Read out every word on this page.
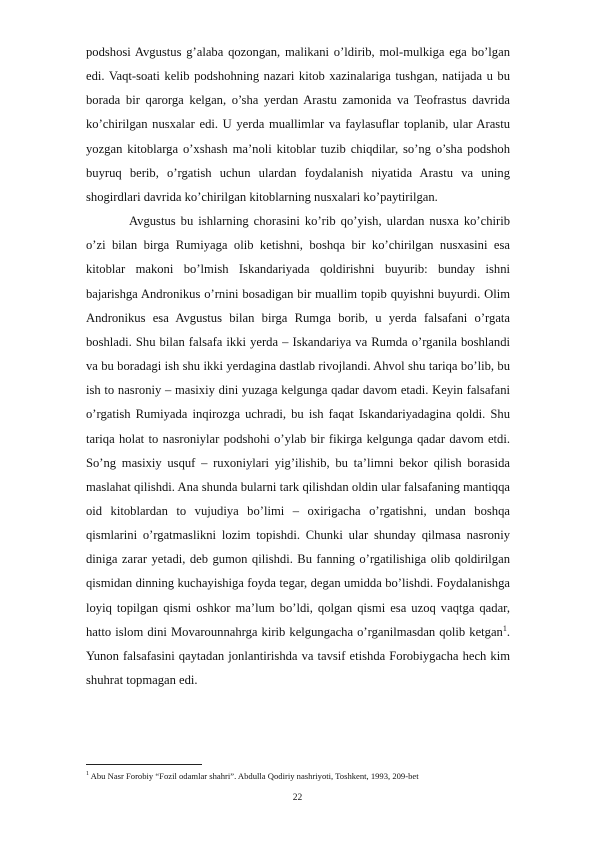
podshosi Avgustus g’alaba qozongan, malikani o’ldirib, mol-mulkiga ega bo’lgan edi. Vaqt-soati kelib podshohning nazari kitob xazinalariga tushgan, natijada u bu borada bir qarorga kelgan, o’sha yerdan Arastu zamonida va Teofrastus davrida ko’chirilgan nusxalar edi. U yerda muallimlar va faylasuflar toplanib, ular Arastu yozgan kitoblarga o’xshash ma’noli kitoblar tuzib chiqdilar, so’ng o’sha podshoh buyruq berib, o’rgatish uchun ulardan foydalanish niyatida Arastu va uning shogirdlari davrida ko’chirilgan kitoblarning nusxalari ko’paytirilgan.

Avgustus bu ishlarning chorasini ko’rib qo’yish, ulardan nusxa ko’chirib o’zi bilan birga Rumiyaga olib ketishni, boshqa bir ko’chirilgan nusxasini esa kitoblar makoni bo’lmish Iskandariyada qoldirishni buyurib: bunday ishni bajarishga Andronikus o’rnini bosadigan bir muallim topib quyishni buyurdi. Olim Andronikus esa Avgustus bilan birga Rumga borib, u yerda falsafani o’rgata boshladi. Shu bilan falsafa ikki yerda – Iskandariya va Rumda o’rganila boshlandi va bu boradagi ish shu ikki yerdagina dastlab rivojlandi. Ahvol shu tariqa bo’lib, bu ish to nasroniy – masixiy dini yuzaga kelgunga qadar davom etadi. Keyin falsafani o’rgatish Rumiyada inqirozga uchradi, bu ish faqat Iskandariyadagina qoldi. Shu tariqa holat to nasroniylar podshohi o’ylab bir fikirga kelgunga qadar davom etdi. So’ng masixiy usquf – ruxoniylari yig’ilishib, bu ta’limni bekor qilish borasida maslahat qilishdi. Ana shunda bularni tark qilishdan oldin ular falsafaning mantiqqa oid kitoblardan to vujudiya bo’limi – oxirigacha o’rgatishni, undan boshqa qismlarini o’rgatmaslikni lozim topishdi. Chunki ular shunday qilmasa nasroniy diniga zarar yetadi, deb gumon qilishdi. Bu fanning o’rgatilishiga olib qoldirilgan qismidan dinning kuchayishiga foyda tegar, degan umidda bo’lishdi. Foydalanishga loyiq topilgan qismi oshkor ma’lum bo’ldi, qolgan qismi esa uzoq vaqtga qadar, hatto islom dini Movarounnahrga kirib kelgungacha o’rganilmasdan qolib ketgan$^1$. Yunon falsafasini qaytadan jonlantirishda va tavsif etishda Forobiygacha hech kim shuhrat topmagan edi.

$^1$ Abu Nasr Forobiy “Fozil odamlar shahri”. Abdulla Qodiriy nashriyoti, Toshkent, 1993, 209-bet
22
